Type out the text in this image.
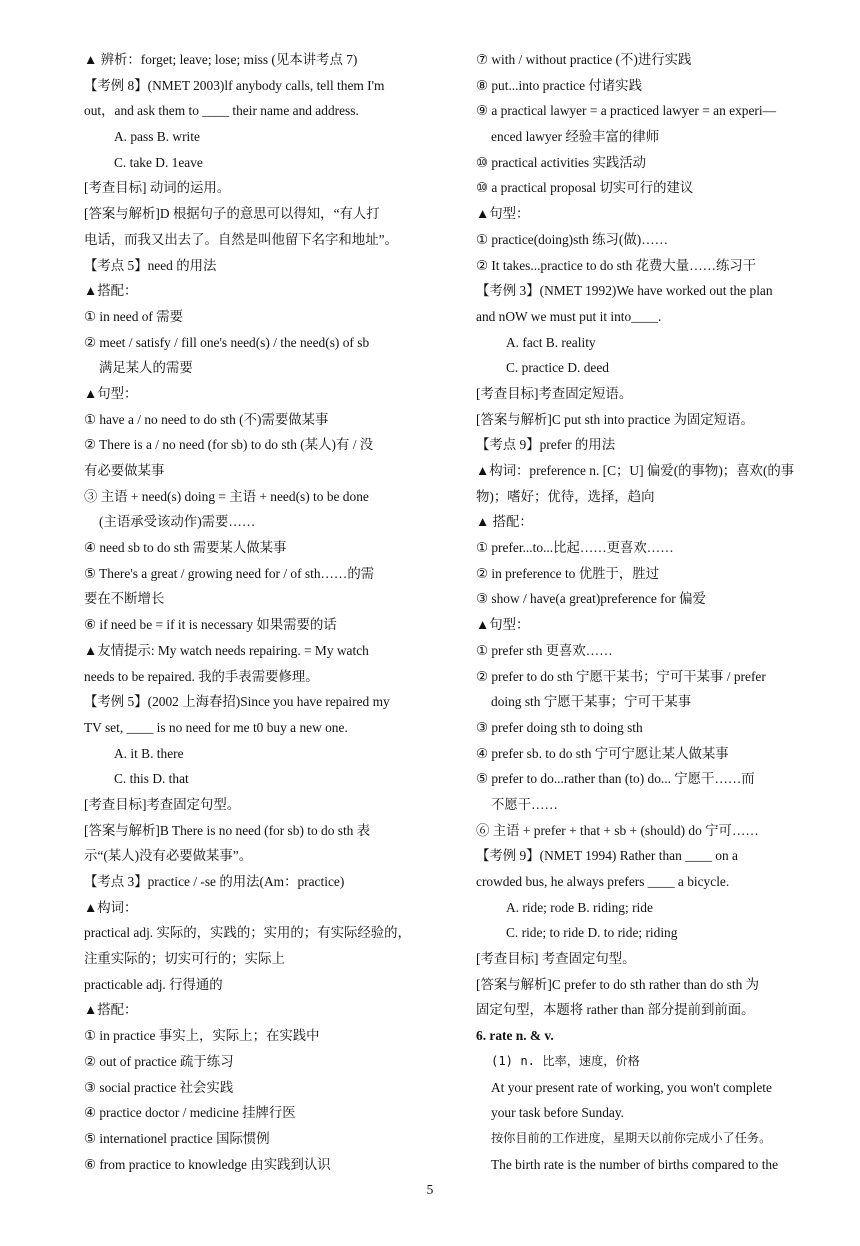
▲ 辨析：forget; leave; lose; miss (见本讲考点 7)
【考例 8】(NMET 2003)lf anybody calls, tell them I'm
out，and ask them to ____ their name and address.
A. pass B. write
C. take D. 1eave
[考查目标] 动词的运用。
[答案与解析]D 根据句子的意思可以得知，“有人打
电话，而我又出去了。自然是叫他留下名字和地址”。
【考点 5】need 的用法
▲搭配：
① in need of 需要
② meet / satisfy / fill one's need(s) / the need(s) of sb
满足某人的需要
▲句型：
① have a / no need to do sth (不)需要做某事
② There is a / no need (for sb) to do sth (某人)有 / 没
有必要做某事
③ 主语 + need(s) doing = 主语 + need(s) to be done
(主语承受该动作)需要……
④ need sb to do sth 需要某人做某事
⑤ There's a great / growing need for / of sth……的需
要在不断增长
⑥ if need be = if it is necessary 如果需要的话
▲友情提示: My watch needs repairing. = My watch
needs to be repaired. 我的手表需要修理。
【考例 5】(2002 上海春招)Since you have repaired my
TV set, ____ is no need for me t0 buy a new one.
A. it B. there
C. this D. that
[考查目标]考查固定句型。
[答案与解析]B There is no need (for sb) to do sth 表
示“(某人)没有必要做某事”。
【考点 3】practice / -se 的用法(Am：practice)
▲构词：
practical adj. 实际的，实践的；实用的；有实际经验的，
注重实际的；切实可行的；实际上
practicable adj. 行得通的
▲搭配：
① in practice 事实上，实际上；在实践中
② out of practice 疏于练习
③ social practice 社会实践
④ practice doctor / medicine 挂牌行医
⑤ internationel practice 国际惯例
⑥ from practice to knowledge 由实践到认识
⑦ with / without practice (不)进行实践
⑧ put...into practice 付诸实践
⑨ a practical lawyer = a practiced lawyer = an experi—
enced lawyer 经验丰富的律师
⑩ practical activities 实践活动
⑩ a practical proposal 切实可行的建议
▲句型：
① practice(doing)sth 练习(做)……
② It takes...practice to do sth 花费大量……练习干
【考例 3】(NMET 1992)We have worked out the plan
and nOW we must put it into____.
A. fact B. reality
C. practice D. deed
[考查目标]考查固定短语。
[答案与解析]C put sth into practice 为固定短语。
【考点 9】prefer 的用法
▲构词：preference n. [C；U] 偏爱(的事物)；喜欢(的事
物)；嗜好；优待，选择，趋向
▲ 搭配：
① prefer...to...比起……更喜欢……
② in preference to 优胜于，胜过
③ show / have(a great)preference for 偏爱
▲句型：
① prefer sth 更喜欢……
② prefer to do sth 宁愿干某书；宁可干某事 / prefer
doing sth 宁愿干某事；宁可干某事
③ prefer doing sth to doing sth
④ prefer sb. to do sth 宁可宁愿让某人做某事
⑤ prefer to do...rather than (to) do... 宁愿干……而
不愿干……
⑥ 主语 + prefer + that + sb + (should) do 宁可……
【考例 9】(NMET 1994) Rather than ____ on a
crowded bus, he always prefers ____ a bicycle.
A. ride; rode B. riding; ride
C. ride; to ride D. to ride; riding
[考查目标] 考查固定句型。
[答案与解析]C prefer to do sth rather than do sth 为
固定句型，本题将 rather than 部分提前到前面。
6. rate n. & v.
(1) n. 比率，速度，价格
At your present rate of working, you won't complete
your task before Sunday.
按你目前的工作进度，星期天以前你完成小了任务。
The birth rate is the number of births compared to the
5
